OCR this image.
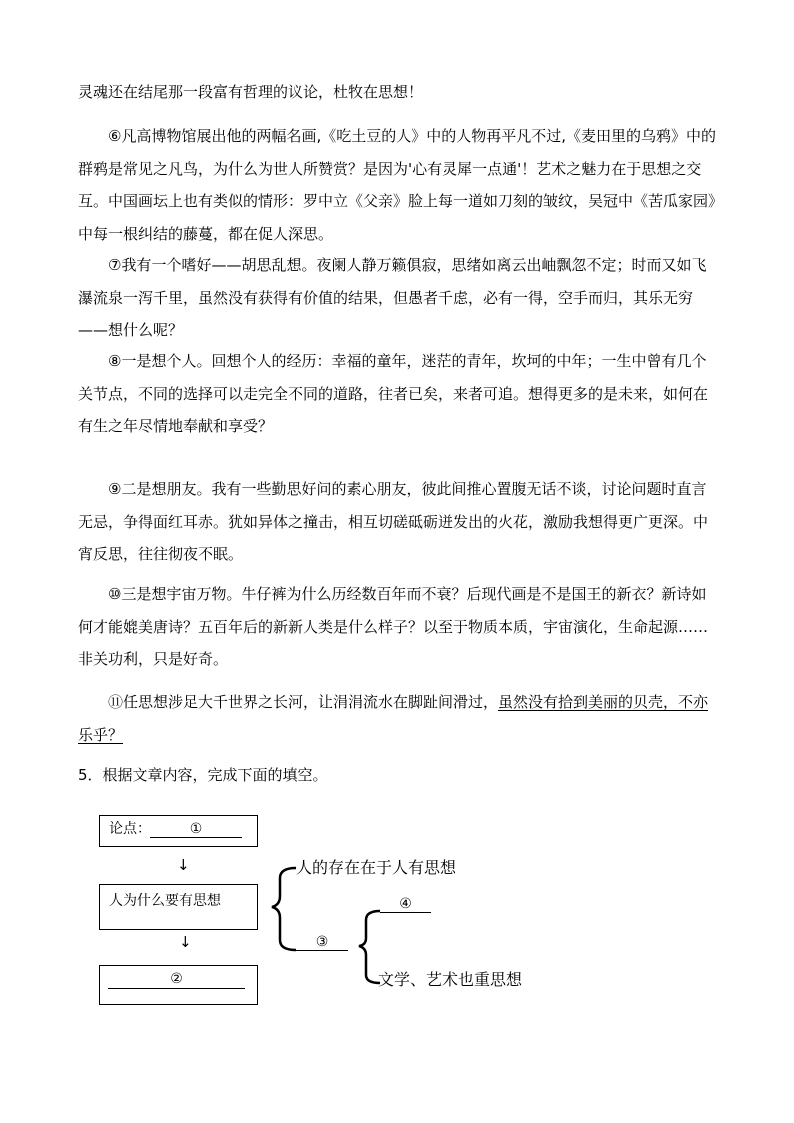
灵魂还在结尾那一段富有哲理的议论，杜牧在思想！

⑥凡高博物馆展出他的两幅名画,《吃土豆的人》中的人物再平凡不过,《麦田里的乌鸦》中的群鸦是常见之凡鸟，为什么为世人所赞赏？是因为'心有灵犀一点通'！艺术之魅力在于思想之交互。中国画坛上也有类似的情形：罗中立《父亲》脸上每一道如刀刻的皱纹，吴冠中《苦瓜家园》中每一根纠结的藤蔓，都在促人深思。

⑦我有一个嗜好——胡思乱想。夜阑人静万籁俱寂，思绪如离云出岫飘忽不定；时而又如飞瀑流泉一泻千里，虽然没有获得有价值的结果，但愚者千虑，必有一得，空手而归，其乐无穷——想什么呢？

⑧一是想个人。回想个人的经历：幸福的童年，迷茫的青年，坎坷的中年；一生中曾有几个关节点，不同的选择可以走完全不同的道路，往者已矣，来者可追。想得更多的是未来，如何在有生之年尽情地奉献和享受？

⑨二是想朋友。我有一些勤思好问的素心朋友，彼此间推心置腹无话不谈，讨论问题时直言无忌，争得面红耳赤。犹如异体之撞击，相互切磋砥砺迸发出的火花，激励我想得更广更深。中宵反思，往往彻夜不眠。

⑩三是想宇宙万物。牛仔裤为什么历经数百年而不衰？后现代画是不是国王的新衣？新诗如何才能媲美唐诗？五百年后的新新人类是什么样子？以至于物质本质，宇宙演化，生命起源……非关功利，只是好奇。

⑪任思想涉足大千世界之长河，让涓涓流水在脚趾间滑过，虽然没有拾到美丽的贝壳，不亦乐乎？

5．根据文章内容，完成下面的填空。
论点：	①
↓
人为什么要有思想
↓
②
人的存在在于人有思想
③
④
文学、艺术也重思想
